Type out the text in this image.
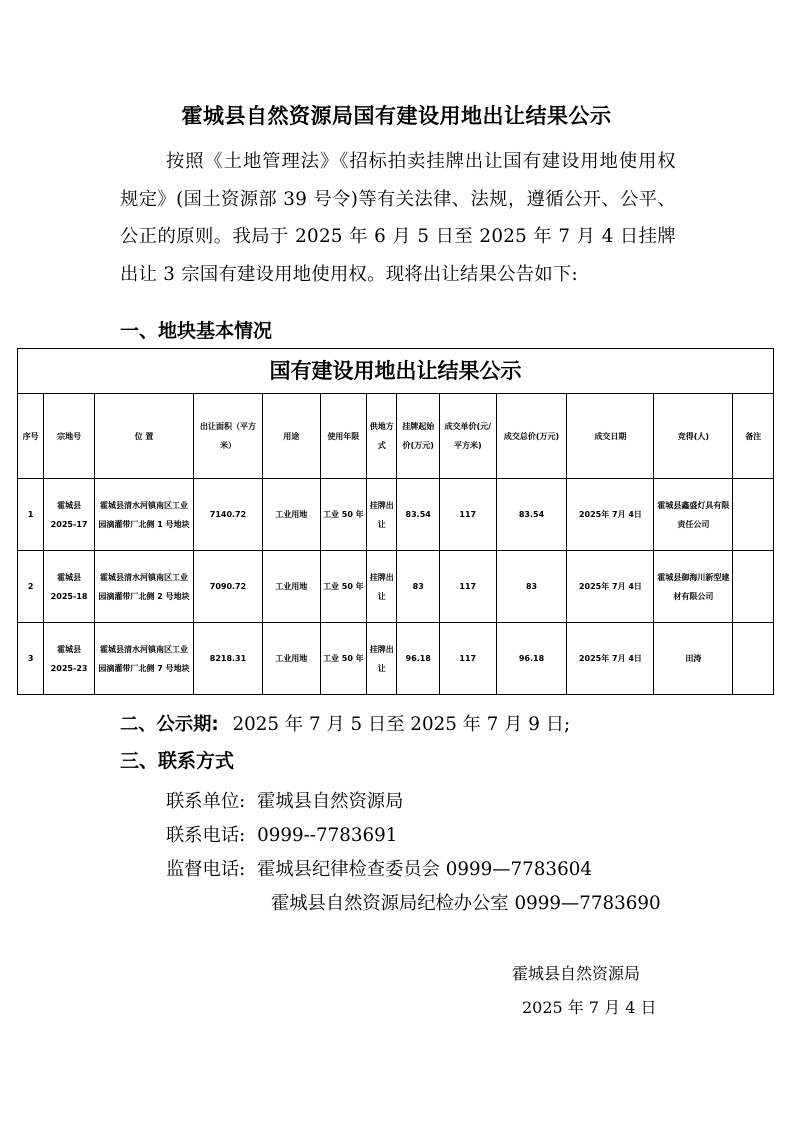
霍城县自然资源局国有建设用地出让结果公示
按照《土地管理法》《招标拍卖挂牌出让国有建设用地使用权规定》(国土资源部 39 号令)等有关法律、法规，遵循公开、公平、公正的原则。我局于 2025 年 6 月 5 日至 2025 年 7 月 4 日挂牌出让 3 宗国有建设用地使用权。现将出让结果公告如下:
一、地块基本情况
国有建设用地出让结果公示												
序号	宗地号	位 置	出让面积（平方米）	用途	使用年限	供地方式	挂牌起始价(万元)	成交单价(元/平方米)	成交总价(万元)	成交日期	竞得(人)	备注
1	霍城县 2025-17	霍城县清水河镇南区工业园滴灌带厂北侧 1 号地块	7140.72	工业用地	工业 50 年	挂牌出让	83.54	117	83.54	2025年 7月 4日	霍城县鑫盛灯具有限责任公司	
2	霍城县 2025-18	霍城县清水河镇南区工业园滴灌带厂北侧 2 号地块	7090.72	工业用地	工业 50 年	挂牌出让	83	117	83	2025年 7月 4日	霍城县御海川新型建材有限公司	
3	霍城县 2025-23	霍城县清水河镇南区工业园滴灌带厂北侧 7 号地块	8218.31	工业用地	工业 50 年	挂牌出让	96.18	117	96.18	2025年 7月 4日	田涛	
二、公示期: 2025 年 7 月 5 日至 2025 年 7 月 9 日;
三、联系方式
联系单位: 霍城县自然资源局
联系电话: 0999--7783691
监督电话: 霍城县纪律检查委员会 0999—7783604
霍城县自然资源局纪检办公室 0999—7783690
霍城县自然资源局
2025 年 7 月 4 日
